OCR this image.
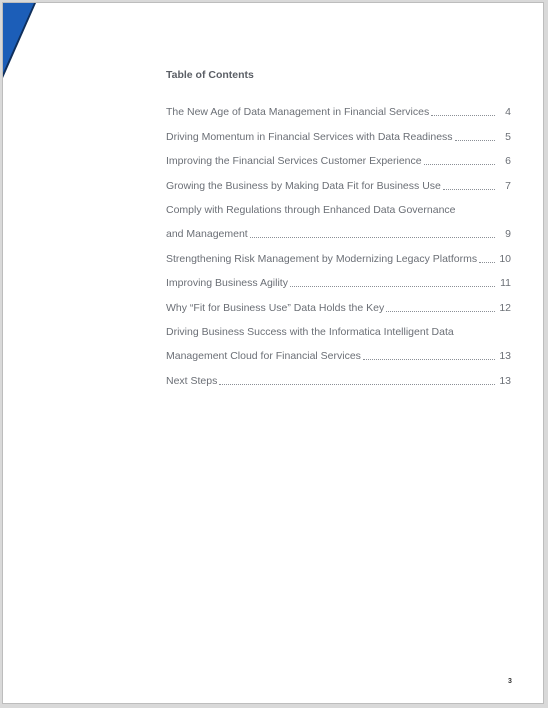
Table of Contents
The New Age of Data Management in Financial Services	4
Driving Momentum in Financial Services with Data Readiness	5
Improving the Financial Services Customer Experience	6
Growing the Business by Making Data Fit for Business Use	7
Comply with Regulations through Enhanced Data Governance
and Management	9
Strengthening Risk Management by Modernizing Legacy Platforms 10
Improving Business Agility	11
Why “Fit for Business Use” Data Holds the Key	12
Driving Business Success with the Informatica Intelligent Data
Management Cloud for Financial Services	13
Next Steps	13
3
